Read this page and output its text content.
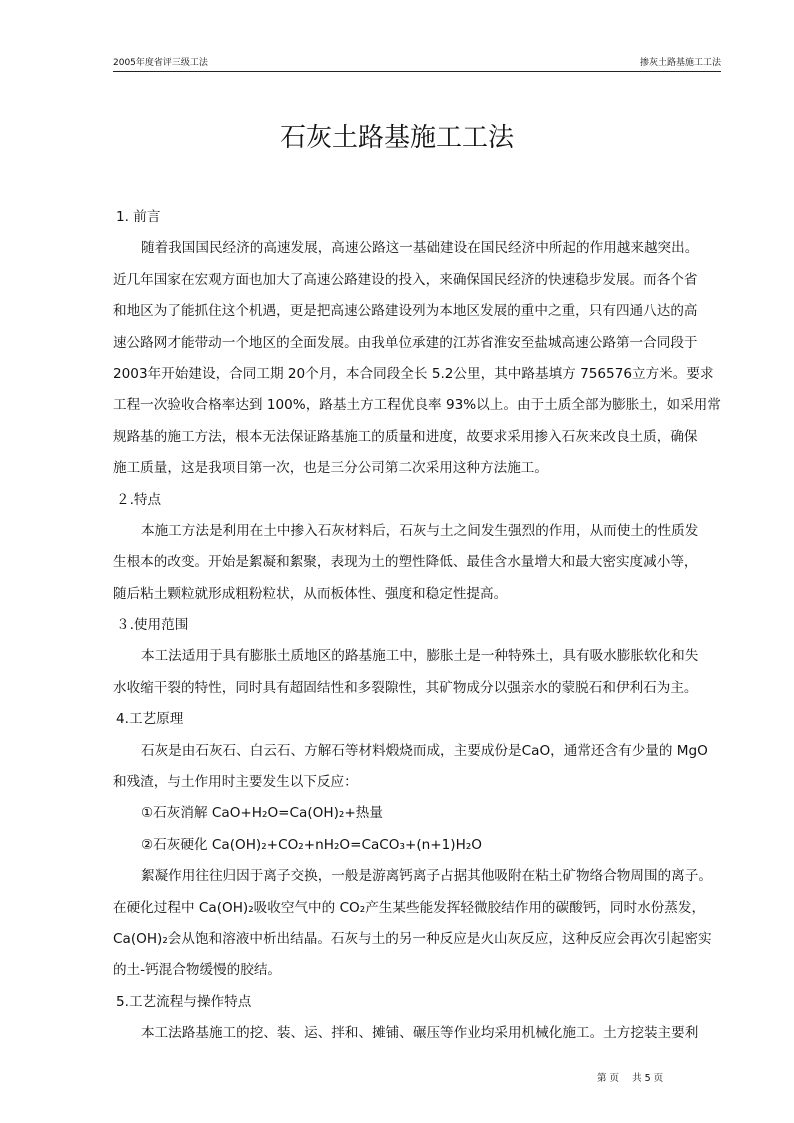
2005年度省评三级工法	掺灰土路基施工工法
石灰土路基施工工法
1. 前言
随着我国国民经济的高速发展，高速公路这一基础建设在国民经济中所起的作用越来越突出。
近几年国家在宏观方面也加大了高速公路建设的投入，来确保国民经济的快速稳步发展。而各个省
和地区为了能抓住这个机遇，更是把高速公路建设列为本地区发展的重中之重，只有四通八达的高
速公路网才能带动一个地区的全面发展。由我单位承建的江苏省淮安至盐城高速公路第一合同段于
2003年开始建设，合同工期 20个月，本合同段全长 5.2公里，其中路基填方 756576立方米。要求
工程一次验收合格率达到 100%，路基土方工程优良率 93%以上。由于土质全部为膨胀土，如采用常
规路基的施工方法，根本无法保证路基施工的质量和进度，故要求采用掺入石灰来改良土质，确保
施工质量，这是我项目第一次，也是三分公司第二次采用这种方法施工。
２.特点
本施工方法是利用在土中掺入石灰材料后，石灰与土之间发生强烈的作用，从而使土的性质发
生根本的改变。开始是絮凝和絮聚，表现为土的塑性降低、最佳含水量增大和最大密实度减小等，
随后粘土颗粒就形成粗粉粒状，从而板体性、强度和稳定性提高。
３.使用范围
本工法适用于具有膨胀土质地区的路基施工中，膨胀土是一种特殊土，具有吸水膨胀软化和失
水收缩干裂的特性，同时具有超固结性和多裂隙性，其矿物成分以强亲水的蒙脱石和伊利石为主。
4.工艺原理
石灰是由石灰石、白云石、方解石等材料煅烧而成，主要成份是CaO，通常还含有少量的 MgO
和残渣，与土作用时主要发生以下反应：
①石灰消解 CaO+H₂O=Ca(OH)₂+热量
②石灰硬化 Ca(OH)₂+CO₂+nH₂O=CaCO₃+(n+1)H₂O
絮凝作用往往归因于离子交换，一般是游离钙离子占据其他吸附在粘土矿物络合物周围的离子。
在硬化过程中 Ca(OH)₂吸收空气中的 CO₂产生某些能发挥轻微胶结作用的碳酸钙，同时水份蒸发，
Ca(OH)₂会从饱和溶液中析出结晶。石灰与土的另一种反应是火山灰反应，这种反应会再次引起密实
的土-钙混合物缓慢的胶结。
5.工艺流程与操作特点
本工法路基施工的挖、装、运、拌和、摊铺、碾压等作业均采用机械化施工。土方挖装主要利
第 页 共 5 页
